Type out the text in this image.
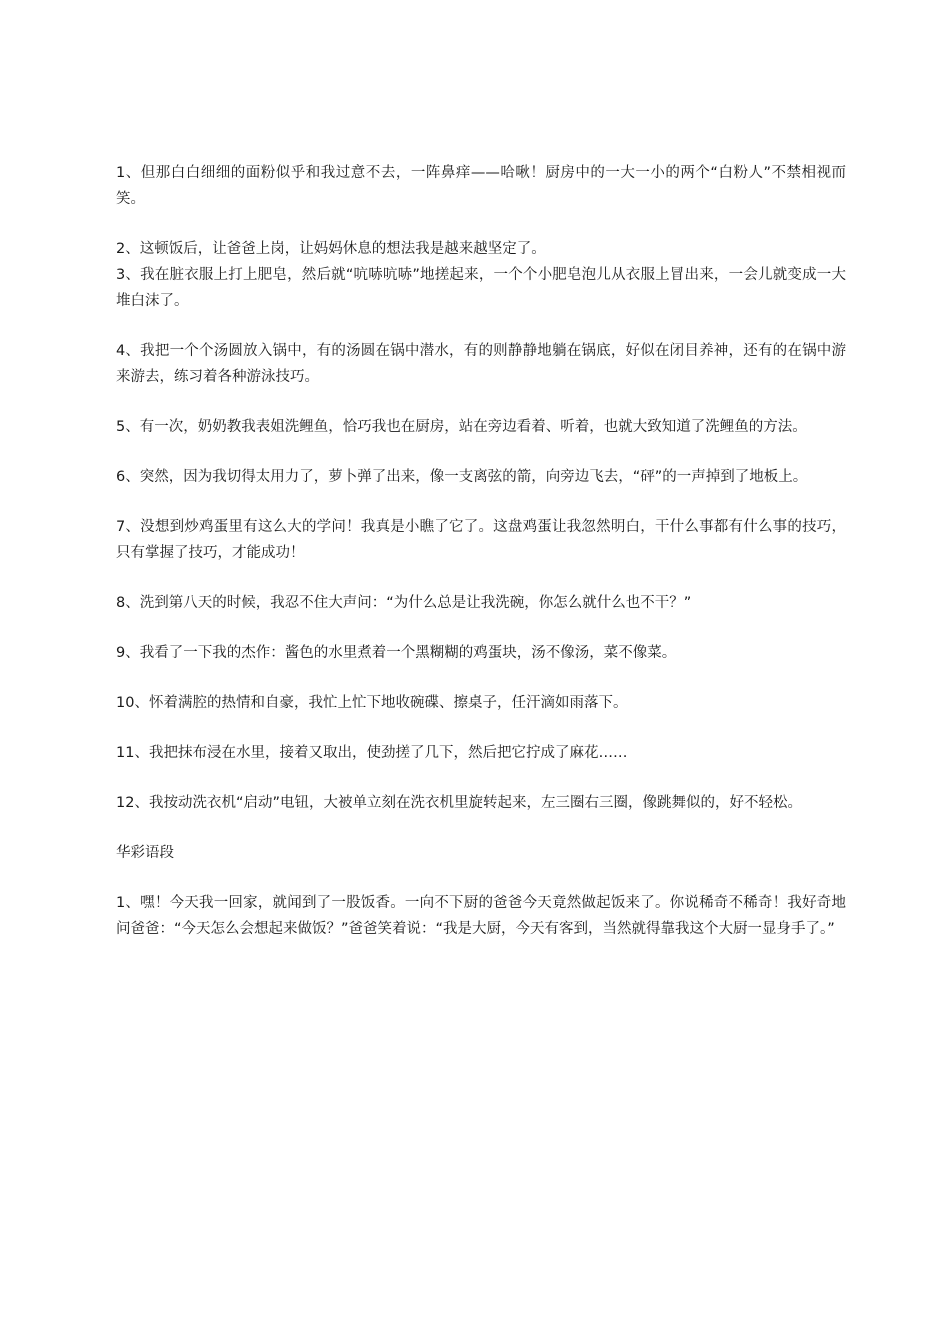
1、但那白白细细的面粉似乎和我过意不去，一阵鼻痒——哈啾！厨房中的一大一小的两个“白粉人”不禁相视而笑。

2、这顿饭后，让爸爸上岗，让妈妈休息的想法我是越来越坚定了。

3、我在脏衣服上打上肥皂，然后就“吭哧吭哧”地搓起来，一个个小肥皂泡儿从衣服上冒出来，一会儿就变成一大堆白沫了。

4、我把一个个汤圆放入锅中，有的汤圆在锅中潜水，有的则静静地躺在锅底，好似在闭目养神，还有的在锅中游来游去，练习着各种游泳技巧。

5、有一次，奶奶教我表姐洗鲤鱼，恰巧我也在厨房，站在旁边看着、听着，也就大致知道了洗鲤鱼的方法。

6、突然，因为我切得太用力了，萝卜弹了出来，像一支离弦的箭，向旁边飞去，“砰”的一声掉到了地板上。

7、没想到炒鸡蛋里有这么大的学问！我真是小瞧了它了。这盘鸡蛋让我忽然明白，干什么事都有什么事的技巧，只有掌握了技巧，才能成功！

8、洗到第八天的时候，我忍不住大声问：“为什么总是让我洗碗，你怎么就什么也不干？”

9、我看了一下我的杰作：酱色的水里煮着一个黑糊糊的鸡蛋块，汤不像汤，菜不像菜。

10、怀着满腔的热情和自豪，我忙上忙下地收碗碟、擦桌子，任汗滴如雨落下。

11、我把抹布浸在水里，接着又取出，使劲搓了几下，然后把它拧成了麻花……

12、我按动洗衣机“启动”电钮，大被单立刻在洗衣机里旋转起来，左三圈右三圈，像跳舞似的，好不轻松。

华彩语段

1、嘿！今天我一回家，就闻到了一股饭香。一向不下厨的爸爸今天竟然做起饭来了。你说稀奇不稀奇！我好奇地问爸爸：“今天怎么会想起来做饭？”爸爸笑着说：“我是大厨，今天有客到，当然就得靠我这个大厨一显身手了。”
